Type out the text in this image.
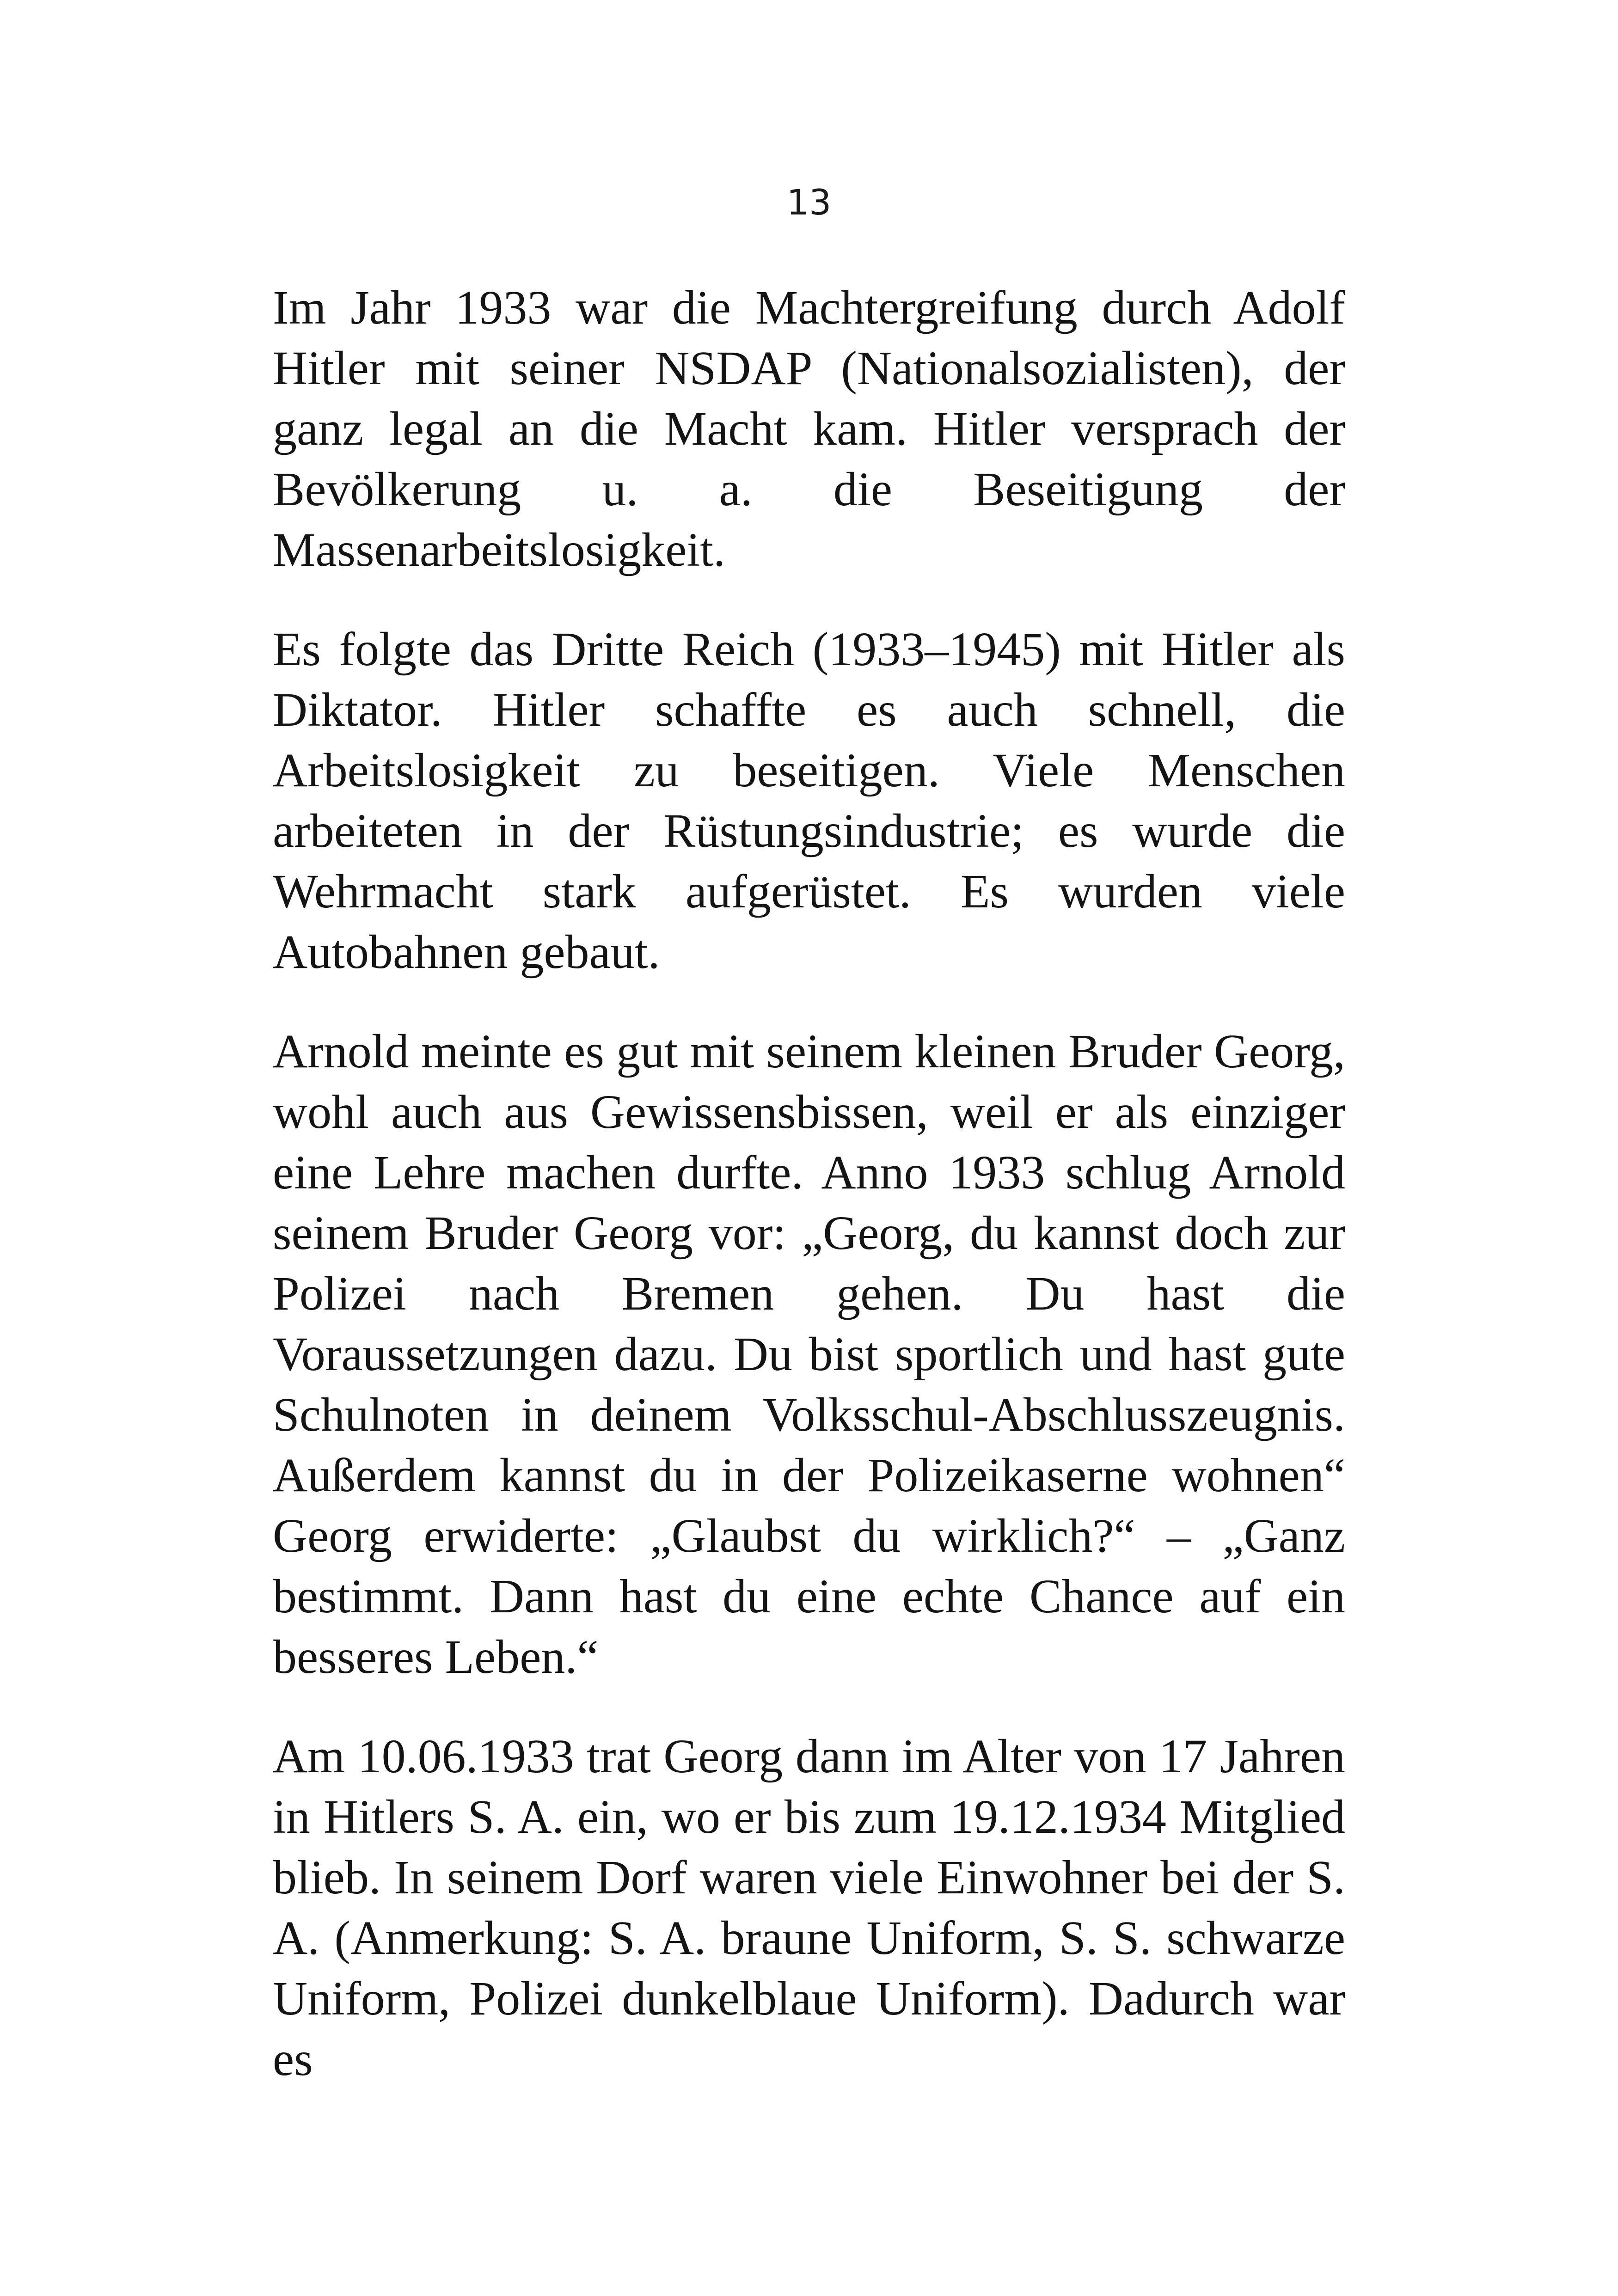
13

Im Jahr 1933 war die Machtergreifung durch Adolf Hitler mit seiner NSDAP (Nationalsozialisten), der ganz legal an die Macht kam. Hitler versprach der Bevölkerung u. a. die Beseitigung der Massenarbeitslosigkeit.

Es folgte das Dritte Reich (1933–1945) mit Hitler als Diktator. Hitler schaffte es auch schnell, die Arbeitslosigkeit zu beseitigen. Viele Menschen arbeiteten in der Rüstungsindustrie; es wurde die Wehrmacht stark aufgerüstet. Es wurden viele Autobahnen gebaut.

Arnold meinte es gut mit seinem kleinen Bruder Georg, wohl auch aus Gewissensbissen, weil er als einziger eine Lehre machen durfte. Anno 1933 schlug Arnold seinem Bruder Georg vor: „Georg, du kannst doch zur Polizei nach Bremen gehen. Du hast die Voraussetzungen dazu. Du bist sportlich und hast gute Schulnoten in deinem Volksschul-Abschlusszeugnis. Außerdem kannst du in der Polizeikaserne wohnen“ Georg erwiderte: „Glaubst du wirklich?“ – „Ganz bestimmt. Dann hast du eine echte Chance auf ein besseres Leben.“

Am 10.06.1933 trat Georg dann im Alter von 17 Jahren in Hitlers S. A. ein, wo er bis zum 19.12.1934 Mitglied blieb. In seinem Dorf waren viele Einwohner bei der S. A. (Anmerkung: S. A. braune Uniform, S. S. schwarze Uniform, Polizei dunkelblaue Uniform). Dadurch war es
